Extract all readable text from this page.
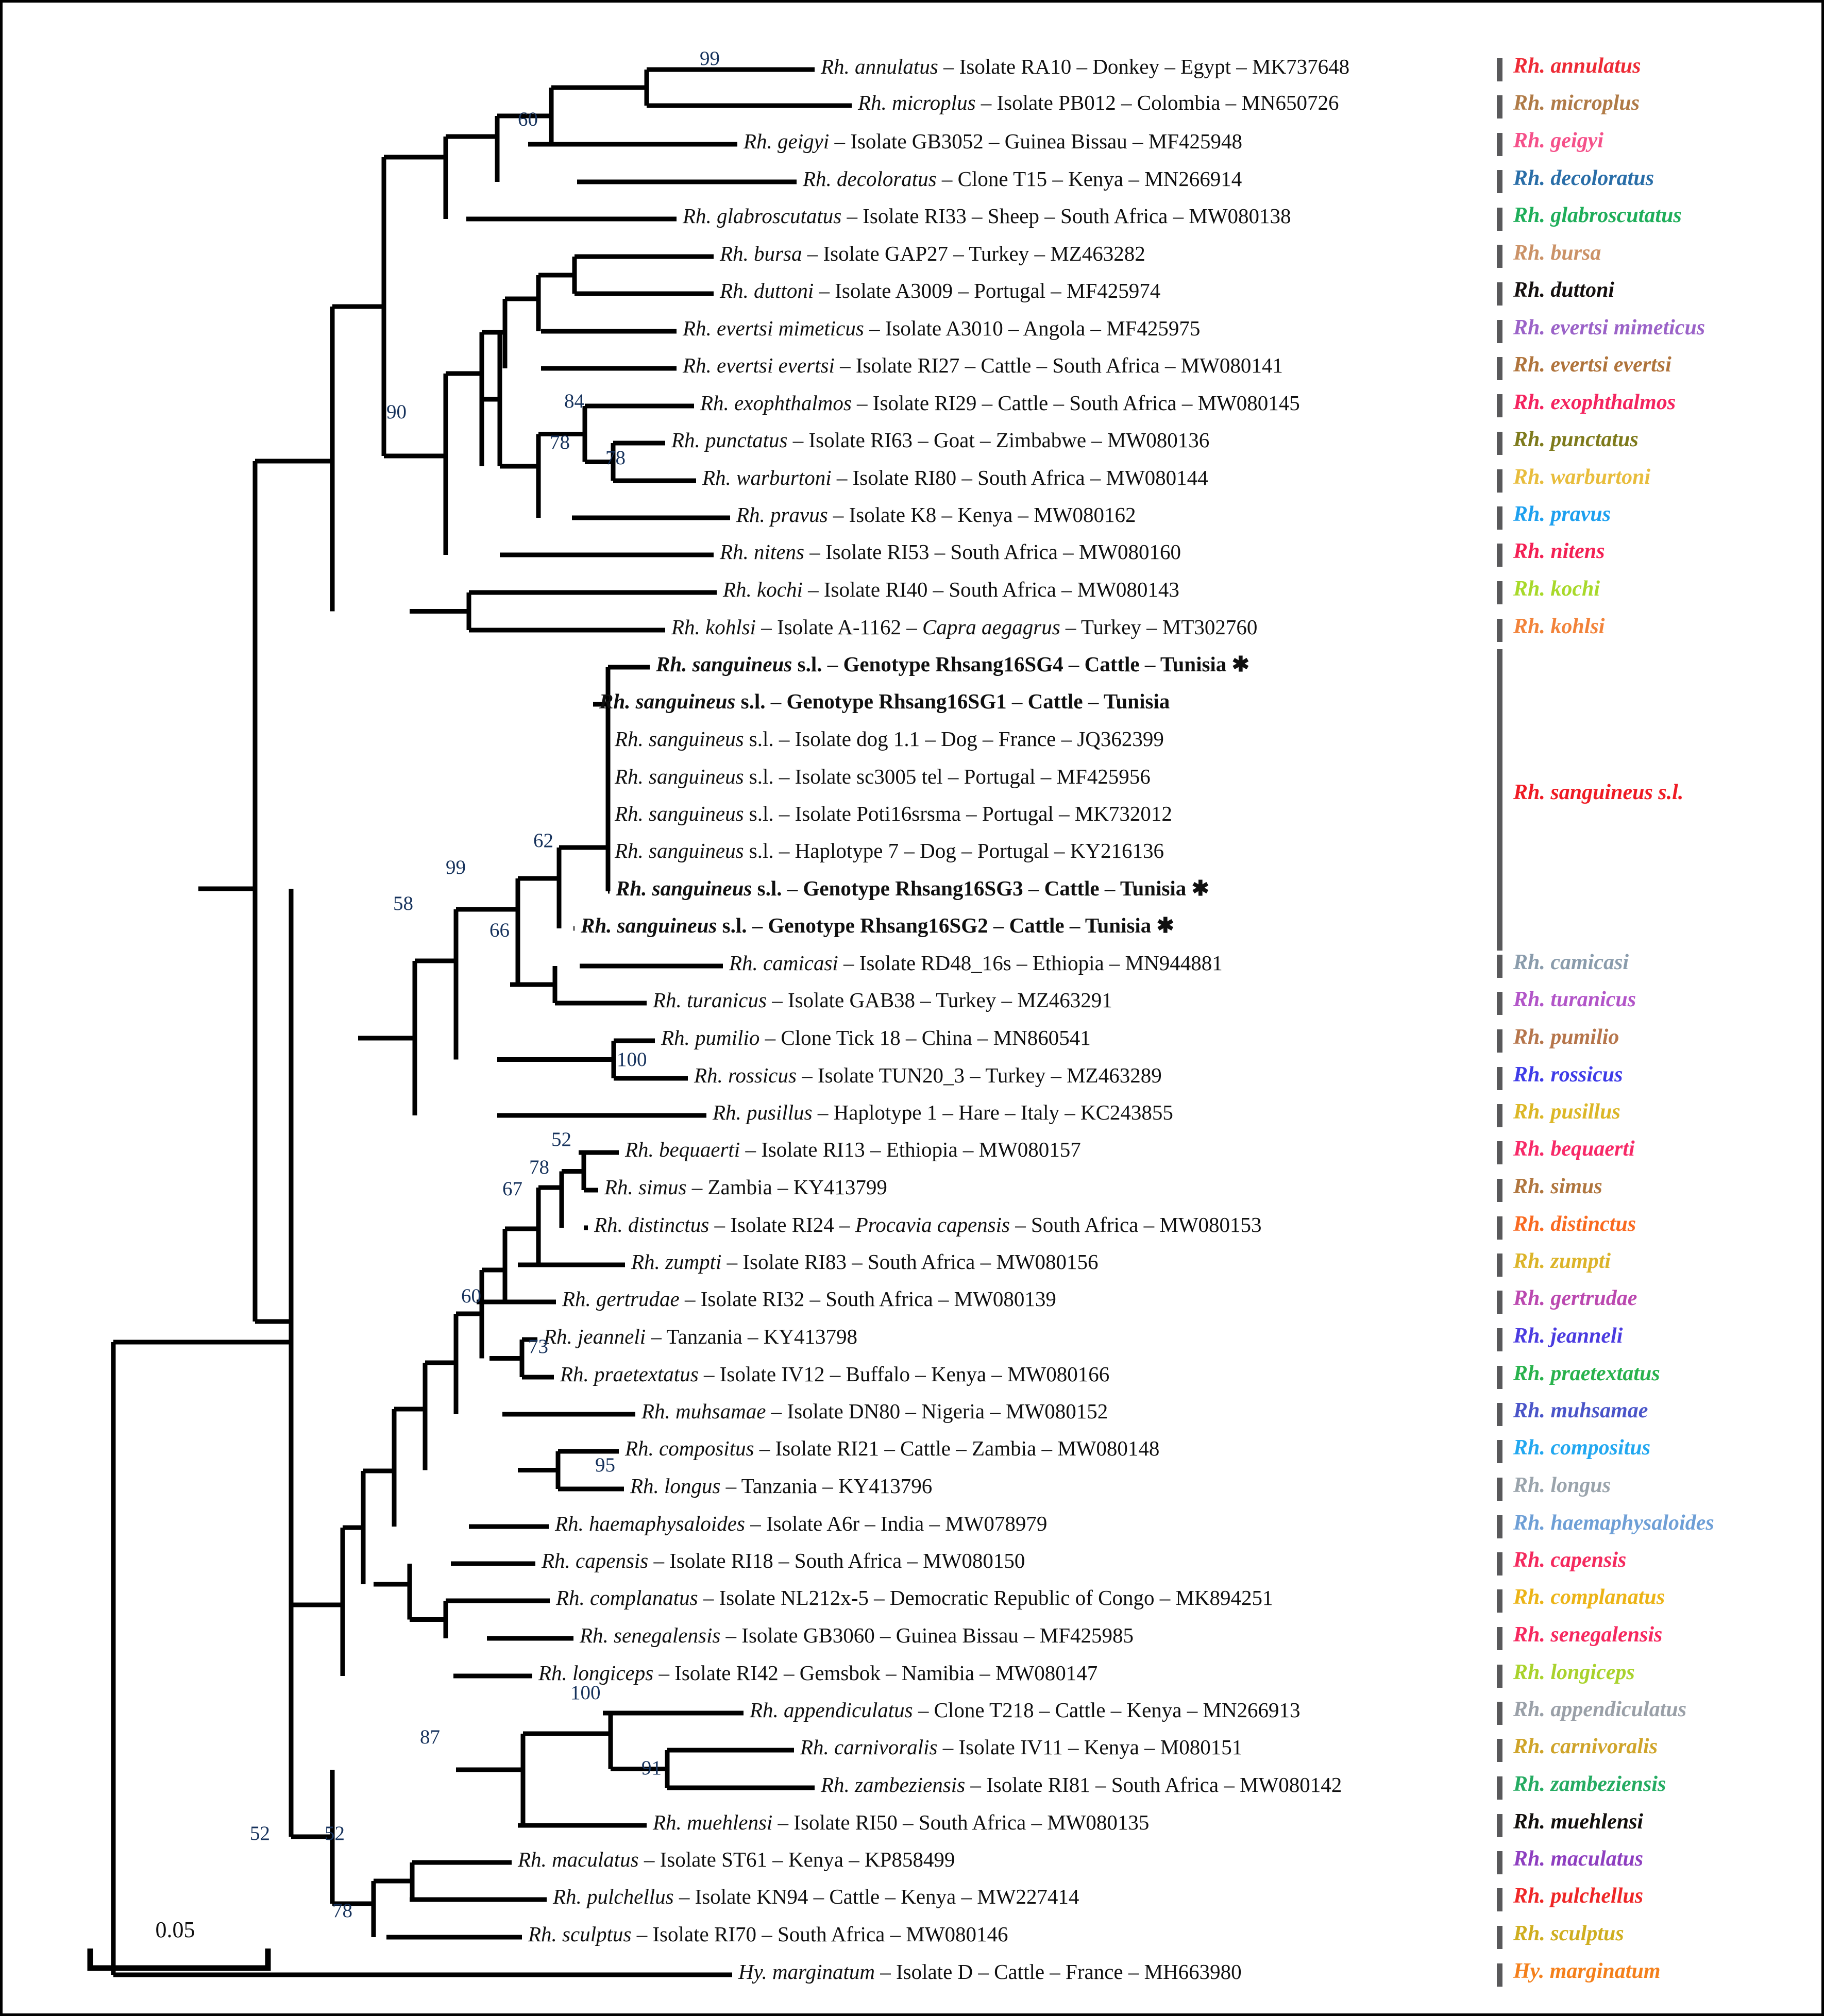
Rh. annulatus – Isolate RA10 – Donkey – Egypt – MK737648
Rh. microplus – Isolate PB012 – Colombia – MN650726
Rh. geigyi – Isolate GB3052 – Guinea Bissau – MF425948
Rh. decoloratus – Clone T15 – Kenya – MN266914
Rh. glabroscutatus – Isolate RI33 – Sheep – South Africa – MW080138
Rh. bursa – Isolate GAP27 – Turkey – MZ463282
Rh. duttoni – Isolate A3009 – Portugal – MF425974
Rh. evertsi mimeticus – Isolate A3010 – Angola – MF425975
Rh. evertsi evertsi – Isolate RI27 – Cattle – South Africa – MW080141
Rh. exophthalmos – Isolate RI29 – Cattle – South Africa – MW080145
Rh. punctatus – Isolate RI63 – Goat – Zimbabwe – MW080136
Rh. warburtoni – Isolate RI80 – South Africa – MW080144
Rh. pravus – Isolate K8 – Kenya – MW080162
Rh. nitens – Isolate RI53 – South Africa – MW080160
Rh. kochi – Isolate RI40 – South Africa – MW080143
Rh. kohlsi – Isolate A-1162 – Capra aegagrus – Turkey – MT302760
Rh. sanguineus s.l. – Genotype Rhsang16SG4 – Cattle – Tunisia ✱
Rh. sanguineus s.l. – Genotype Rhsang16SG1 – Cattle – Tunisia
Rh. sanguineus s.l. – Isolate dog 1.1 – Dog – France – JQ362399
Rh. sanguineus s.l. – Isolate sc3005 tel – Portugal – MF425956
Rh. sanguineus s.l. – Isolate Poti16srsma – Portugal – MK732012
Rh. sanguineus s.l. – Haplotype 7 – Dog – Portugal – KY216136
Rh. sanguineus s.l. – Genotype Rhsang16SG3 – Cattle – Tunisia ✱
Rh. sanguineus s.l. – Genotype Rhsang16SG2 – Cattle – Tunisia ✱
Rh. camicasi – Isolate RD48_16s – Ethiopia – MN944881
Rh. turanicus – Isolate GAB38 – Turkey – MZ463291
Rh. pumilio – Clone Tick 18 – China – MN860541
Rh. rossicus – Isolate TUN20_3 – Turkey – MZ463289
Rh. pusillus – Haplotype 1 – Hare – Italy – KC243855
Rh. bequaerti – Isolate RI13 – Ethiopia – MW080157
Rh. simus – Zambia – KY413799
Rh. distinctus – Isolate RI24 – Procavia capensis – South Africa – MW080153
Rh. zumpti – Isolate RI83 – South Africa – MW080156
Rh. gertrudae – Isolate RI32 – South Africa – MW080139
Rh. jeanneli – Tanzania – KY413798
Rh. praetextatus – Isolate IV12 – Buffalo – Kenya – MW080166
Rh. muhsamae – Isolate DN80 – Nigeria – MW080152
Rh. compositus – Isolate RI21 – Cattle – Zambia – MW080148
Rh. longus – Tanzania – KY413796
Rh. haemaphysaloides – Isolate A6r – India – MW078979
Rh. capensis – Isolate RI18 – South Africa – MW080150
Rh. complanatus – Isolate NL212x-5 – Democratic Republic of Congo – MK894251
Rh. senegalensis – Isolate GB3060 – Guinea Bissau – MF425985
Rh. longiceps – Isolate RI42 – Gemsbok – Namibia – MW080147
Rh. appendiculatus – Clone T218 – Cattle – Kenya – MN266913
Rh. carnivoralis – Isolate IV11 – Kenya – M080151
Rh. zambeziensis – Isolate RI81 – South Africa – MW080142
Rh. muehlensi – Isolate RI50 – South Africa – MW080135
Rh. maculatus – Isolate ST61 – Kenya – KP858499
Rh. pulchellus – Isolate KN94 – Cattle – Kenya – MW227414
Rh. sculptus – Isolate RI70 – South Africa – MW080146
Hy. marginatum – Isolate D – Cattle – France – MH663980
99
60
90	84
78
78
62
99
58
66
100
52
78
67
60
73
95
100
87
91
52	52
78
Rh. annulatus
Rh. microplus
Rh. geigyi
Rh. decoloratus
Rh. glabroscutatus
Rh. bursa
Rh. duttoni
Rh. evertsi mimeticus
Rh. evertsi evertsi
Rh. exophthalmos
Rh. punctatus
Rh. warburtoni
Rh. pravus
Rh. nitens
Rh. kochi
Rh. kohlsi
Rh. sanguineus s.l.
Rh. camicasi
Rh. turanicus
Rh. pumilio
Rh. rossicus
Rh. pusillus
Rh. bequaerti
Rh. simus
Rh. distinctus
Rh. zumpti
Rh. gertrudae
Rh. jeanneli
Rh. praetextatus
Rh. muhsamae
Rh. compositus
Rh. longus
Rh. haemaphysaloides
Rh. capensis
Rh. complanatus
Rh. senegalensis
Rh. longiceps
Rh. appendiculatus
Rh. carnivoralis
Rh. zambeziensis
Rh. muehlensi
Rh. maculatus
Rh. pulchellus
Rh. sculptus
Hy. marginatum
0.05
